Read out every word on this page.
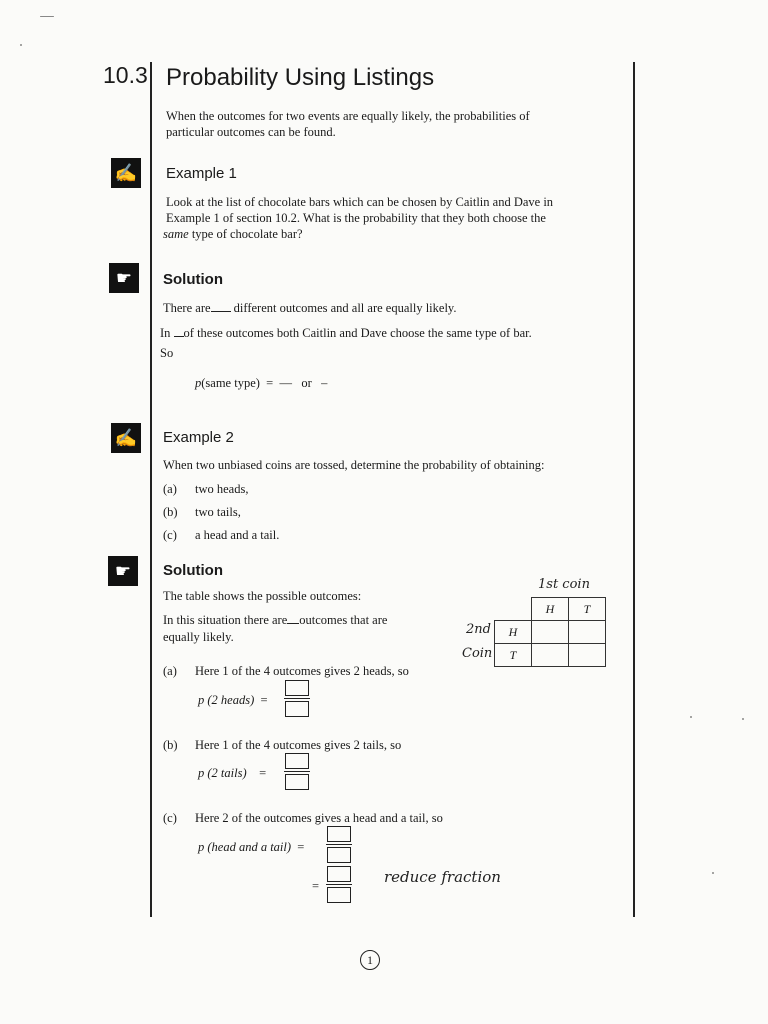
10.3 Probability Using Listings
When the outcomes for two events are equally likely, the probabilities of
particular outcomes can be found.
✍ Example 1
Look at the list of chocolate bars which can be chosen by Caitlin and Dave in
Example 1 of section 10.2. What is the probability that they both choose the
same type of chocolate bar?
☛	Solution
There are different outcomes and all are equally likely.
In of these outcomes both Caitlin and Dave choose the same type of bar.
So
p(same type) = — or –
✍ Example 2
When two unbiased coins are tossed, determine the probability of obtaining:
(a) two heads,
(b) two tails,
(c) a head and a tail.
☛	Solution
The table shows the possible outcomes:
In this situation there are outcomes that are
equally likely.
1st coin
2nd
Coin
	H	T
H		
T		
(a) Here 1 of the 4 outcomes gives 2 heads, so
p (2 heads) =
(b) Here 1 of the 4 outcomes gives 2 tails, so
p (2 tails) =
(c) Here 2 of the outcomes gives a head and a tail, so
p (head and a tail) =
=	reduce fraction
1
